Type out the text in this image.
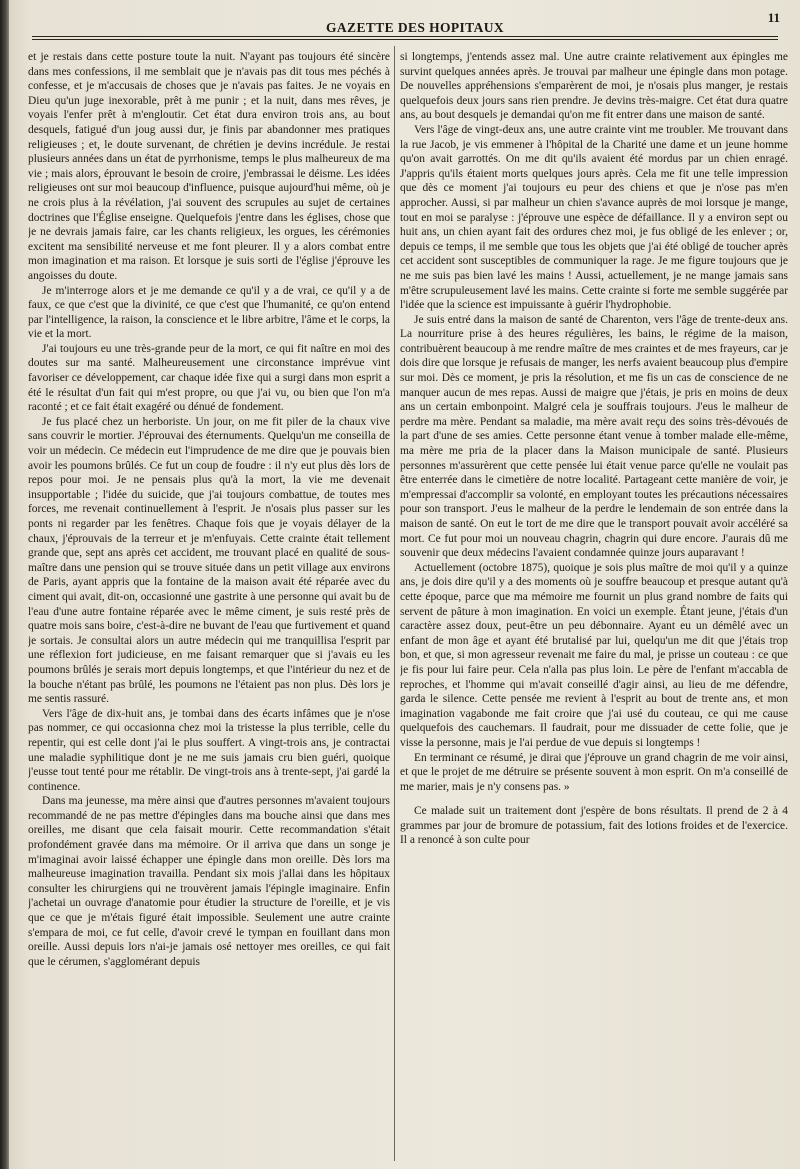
GAZETTE DES HOPITAUX
11

et je restais dans cette posture toute la nuit. N'ayant pas toujours été sincère dans mes confessions, il me semblait que je n'avais pas dit tous mes péchés à confesse, et je m'accusais de choses que je n'avais pas faites. Je ne voyais en Dieu qu'un juge inexorable, prêt à me punir ; et la nuit, dans mes rêves, je voyais l'enfer prêt à m'engloutir. Cet état dura environ trois ans, au bout desquels, fatigué d'un joug aussi dur, je finis par abandonner mes pratiques religieuses ; et, le doute survenant, de chrétien je devins incrédule. Je restai plusieurs années dans un état de pyrrhonisme, temps le plus malheureux de ma vie ; mais alors, éprouvant le besoin de croire, j'embrassai le déisme. Les idées religieuses ont sur moi beaucoup d'influence, puisque aujourd'hui même, où je ne crois plus à la révélation, j'ai souvent des scrupules au sujet de certaines doctrines que l'Église enseigne. Quelquefois j'entre dans les églises, chose que je ne devrais jamais faire, car les chants religieux, les orgues, les cérémonies excitent ma sensibilité nerveuse et me font pleurer. Il y a alors combat entre mon imagination et ma raison. Et lorsque je suis sorti de l'église j'éprouve les angoisses du doute.

Je m'interroge alors et je me demande ce qu'il y a de vrai, ce qu'il y a de faux, ce que c'est que la divinité, ce que c'est que l'humanité, ce qu'on entend par l'intelligence, la raison, la conscience et le libre arbitre, l'âme et le corps, la vie et la mort.

J'ai toujours eu une très-grande peur de la mort, ce qui fit naître en moi des doutes sur ma santé. Malheureusement une circonstance imprévue vint favoriser ce développement, car chaque idée fixe qui a surgi dans mon esprit a été le résultat d'un fait qui m'est propre, ou que j'ai vu, ou bien que l'on m'a raconté ; et ce fait était exagéré ou dénué de fondement.

Je fus placé chez un herboriste. Un jour, on me fit piler de la chaux vive sans couvrir le mortier. J'éprouvai des éternuments. Quelqu'un me conseilla de voir un médecin. Ce médecin eut l'imprudence de me dire que je pouvais bien avoir les poumons brûlés. Ce fut un coup de foudre : il n'y eut plus dès lors de repos pour moi. Je ne pensais plus qu'à la mort, la vie me devenait insupportable ; l'idée du suicide, que j'ai toujours combattue, de toutes mes forces, me revenait continuellement à l'esprit. Je n'osais plus passer sur les ponts ni regarder par les fenêtres. Chaque fois que je voyais délayer de la chaux, j'éprouvais de la terreur et je m'enfuyais. Cette crainte était tellement grande que, sept ans après cet accident, me trouvant placé en qualité de sous-maître dans une pension qui se trouve située dans un petit village aux environs de Paris, ayant appris que la fontaine de la maison avait été réparée avec du ciment qui avait, dit-on, occasionné une gastrite à une personne qui avait bu de l'eau d'une autre fontaine réparée avec le même ciment, je suis resté près de quatre mois sans boire, c'est-à-dire ne buvant de l'eau que furtivement et quand je sortais. Je consultai alors un autre médecin qui me tranquillisa l'esprit par une réflexion fort judicieuse, en me faisant remarquer que si j'avais eu les poumons brûlés je serais mort depuis longtemps, et que l'intérieur du nez et de la bouche n'étant pas brûlé, les poumons ne l'étaient pas non plus. Dès lors je me sentis rassuré.

Vers l'âge de dix-huit ans, je tombai dans des écarts infâmes que je n'ose pas nommer, ce qui occasionna chez moi la tristesse la plus terrible, celle du repentir, qui est celle dont j'ai le plus souffert. A vingt-trois ans, je contractai une maladie syphilitique dont je ne me suis jamais cru bien guéri, quoique j'eusse tout tenté pour me rétablir. De vingt-trois ans à trente-sept, j'ai gardé la continence.

Dans ma jeunesse, ma mère ainsi que d'autres personnes m'avaient toujours recommandé de ne pas mettre d'épingles dans ma bouche ainsi que dans mes oreilles, me disant que cela faisait mourir. Cette recommandation s'était profondément gravée dans ma mémoire. Or il arriva que dans un songe je m'imaginai avoir laissé échapper une épingle dans mon oreille. Dès lors ma malheureuse imagination travailla. Pendant six mois j'allai dans les hôpitaux consulter les chirurgiens qui ne trouvèrent jamais l'épingle imaginaire. Enfin j'achetai un ouvrage d'anatomie pour étudier la structure de l'oreille, et je vis que ce que je m'étais figuré était impossible. Seulement une autre crainte s'empara de moi, ce fut celle, d'avoir crevé le tympan en fouillant dans mon oreille. Aussi depuis lors n'ai-je jamais osé nettoyer mes oreilles, ce qui fait que le cérumen, s'agglomérant depuis

si longtemps, j'entends assez mal. Une autre crainte relativement aux épingles me survint quelques années après. Je trouvai par malheur une épingle dans mon potage. De nouvelles appréhensions s'emparèrent de moi, je n'osais plus manger, je restais quelquefois deux jours sans rien prendre. Je devins très-maigre. Cet état dura quatre ans, au bout desquels je demandai qu'on me fit entrer dans une maison de santé.

Vers l'âge de vingt-deux ans, une autre crainte vint me troubler. Me trouvant dans la rue Jacob, je vis emmener à l'hôpital de la Charité une dame et un jeune homme qu'on avait garrottés. On me dit qu'ils avaient été mordus par un chien enragé. J'appris qu'ils étaient morts quelques jours après. Cela me fit une telle impression que dès ce moment j'ai toujours eu peur des chiens et que je n'ose pas m'en approcher. Aussi, si par malheur un chien s'avance auprès de moi lorsque je mange, tout en moi se paralyse : j'éprouve une espèce de défaillance. Il y a environ sept ou huit ans, un chien ayant fait des ordures chez moi, je fus obligé de les enlever ; or, depuis ce temps, il me semble que tous les objets que j'ai été obligé de toucher après cet accident sont susceptibles de communiquer la rage. Je me figure toujours que je ne me suis pas bien lavé les mains ! Aussi, actuellement, je ne mange jamais sans m'être scrupuleusement lavé les mains. Cette crainte si forte me semble suggérée par l'idée que la science est impuissante à guérir l'hydrophobie.

Je suis entré dans la maison de santé de Charenton, vers l'âge de trente-deux ans. La nourriture prise à des heures régulières, les bains, le régime de la maison, contribuèrent beaucoup à me rendre maître de mes craintes et de mes frayeurs, car je dois dire que lorsque je refusais de manger, les nerfs avaient beaucoup plus d'empire sur moi. Dès ce moment, je pris la résolution, et me fis un cas de conscience de ne manquer aucun de mes repas. Aussi de maigre que j'étais, je pris en moins de deux ans un certain embonpoint. Malgré cela je souffrais toujours. J'eus le malheur de perdre ma mère. Pendant sa maladie, ma mère avait reçu des soins très-dévoués de la part d'une de ses amies. Cette personne étant venue à tomber malade elle-même, ma mère me pria de la placer dans la Maison municipale de santé. Plusieurs personnes m'assurèrent que cette pensée lui était venue parce qu'elle ne voulait pas être enterrée dans le cimetière de notre localité. Partageant cette manière de voir, je m'empressai d'accomplir sa volonté, en employant toutes les précautions nécessaires pour son transport. J'eus le malheur de la perdre le lendemain de son entrée dans la maison de santé. On eut le tort de me dire que le transport pouvait avoir accéléré sa mort. Ce fut pour moi un nouveau chagrin, chagrin qui dure encore. J'aurais dû me souvenir que deux médecins l'avaient condamnée quinze jours auparavant !

Actuellement (octobre 1875), quoique je sois plus maître de moi qu'il y a quinze ans, je dois dire qu'il y a des moments où je souffre beaucoup et presque autant qu'à cette époque, parce que ma mémoire me fournit un plus grand nombre de faits qui servent de pâture à mon imagination. En voici un exemple. Étant jeune, j'étais d'un caractère assez doux, peut-être un peu débonnaire. Ayant eu un démêlé avec un enfant de mon âge et ayant été brutalisé par lui, quelqu'un me dit que j'étais trop bon, et que, si mon agresseur revenait me faire du mal, je prisse un couteau : ce que je fis pour lui faire peur. Cela n'alla pas plus loin. Le père de l'enfant m'accabla de reproches, et l'homme qui m'avait conseillé d'agir ainsi, au lieu de me défendre, garda le silence. Cette pensée me revient à l'esprit au bout de trente ans, et mon imagination vagabonde me fait croire que j'ai usé du couteau, ce qui me cause quelquefois des cauchemars. Il faudrait, pour me dissuader de cette folie, que je visse la personne, mais je l'ai perdue de vue depuis si longtemps !

En terminant ce résumé, je dirai que j'éprouve un grand chagrin de me voir ainsi, et que le projet de me détruire se présente souvent à mon esprit. On m'a conseillé de me marier, mais je n'y consens pas. »

Ce malade suit un traitement dont j'espère de bons résultats. Il prend de 2 à 4 grammes par jour de bromure de potassium, fait des lotions froides et de l'exercice. Il a renoncé à son culte pour
